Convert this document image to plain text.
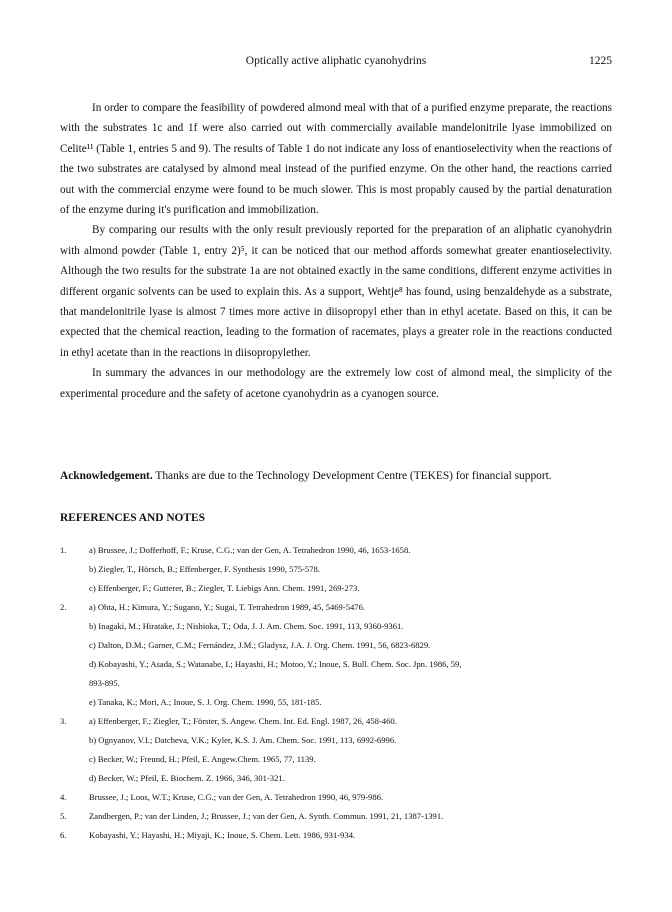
Optically active aliphatic cyanohydrins	1225

In order to compare the feasibility of powdered almond meal with that of a purified enzyme preparate, the reactions with the substrates 1c and 1f were also carried out with commercially available mandelonitrile lyase immobilized on Celite¹¹ (Table 1, entries 5 and 9). The results of Table 1 do not indicate any loss of enantioselectivity when the reactions of the two substrates are catalysed by almond meal instead of the purified enzyme. On the other hand, the reactions carried out with the commercial enzyme were found to be much slower. This is most propably caused by the partial denaturation of the enzyme during it's purification and immobilization.

By comparing our results with the only result previously reported for the preparation of an aliphatic cyanohydrin with almond powder (Table 1, entry 2)⁵, it can be noticed that our method affords somewhat greater enantioselectivity. Although the two results for the substrate 1a are not obtained exactly in the same conditions, different enzyme activities in different organic solvents can be used to explain this. As a support, Wehtje⁸ has found, using benzaldehyde as a substrate, that mandelonitrile lyase is almost 7 times more active in diisopropyl ether than in ethyl acetate. Based on this, it can be expected that the chemical reaction, leading to the formation of racemates, plays a greater role in the reactions conducted in ethyl acetate than in the reactions in diisopropylether.

In summary the advances in our methodology are the extremely low cost of almond meal, the simplicity of the experimental procedure and the safety of acetone cyanohydrin as a cyanogen source.

Acknowledgement. Thanks are due to the Technology Development Centre (TEKES) for financial support.
REFERENCES AND NOTES
1.	a) Brussee, J.; Dofferhoff, F.; Kruse, C.G.; van der Gen, A. Tetrahedron 1990, 46, 1653-1658.
b) Ziegler, T., Hörsch, B.; Effenberger, F. Synthesis 1990, 575-578.
c) Effenberger, F.; Gutterer, B.; Ziegler, T. Liebigs Ann. Chem. 1991, 269-273.
2.	a) Ohta, H.; Kimura, Y.; Sugano, Y.; Sugai, T. Tetrahedron 1989, 45, 5469-5476.
b) Inagaki, M.; Hiratake, J.; Nishioka, T.; Oda, J. J. Am. Chem. Soc. 1991, 113, 9360-9361.
c) Dalton, D.M.; Garner, C.M.; Fernández, J.M.; Gladysz, J.A. J. Org. Chem. 1991, 56, 6823-6829.
d) Kobayashi, Y.; Asada, S.; Watanabe, I.; Hayashi, H.; Motoo, Y.; Inoue, S. Bull. Chem. Soc. Jpn. 1986, 59,
893-895.
e) Tanaka, K.; Mori, A.; Inoue, S. J. Org. Chem. 1990, 55, 181-185.
3.	a) Effenberger, F.; Ziegler, T.; Förster, S. Angew. Chem. Int. Ed. Engl. 1987, 26, 458-460.
b) Ognyanov, V.I.; Datcheva, V.K.; Kyler, K.S. J. Am. Chem. Soc. 1991, 113, 6992-6996.
c) Becker, W.; Freund, H.; Pfeil, E. Angew.Chem. 1965, 77, 1139.
d) Becker, W.; Pfeil, E. Biochem. Z. 1966, 346, 301-321.
4.	Brussee, J.; Loos, W.T.; Kruse, C.G.; van der Gen, A. Tetrahedron 1990, 46, 979-986.
5.	Zandbergen, P.; van der Linden, J.; Brussee, J.; van der Gen, A. Synth. Commun. 1991, 21, 1387-1391.
6.	Kobayashi, Y.; Hayashi, H.; Miyaji, K.; Inoue, S. Chem. Lett. 1986, 931-934.
